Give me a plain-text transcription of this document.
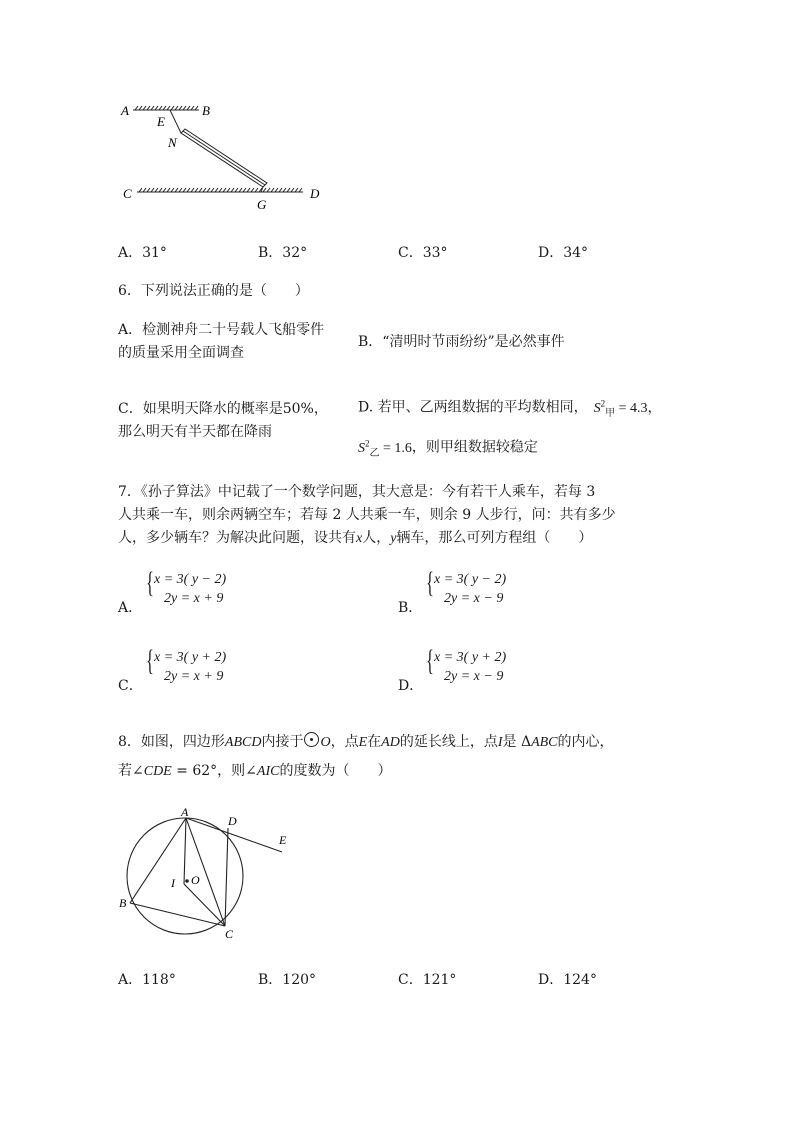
A	B
E
N
C
G
D
A．31°	B．32°	C．33°	D．34°
6．下列说法正确的是（　　）
A．检测神舟二十号载人飞船零件
的质量采用全面调查
B．“清明时节雨纷纷”是必然事件
C．如果明天降水的概率是50%，
那么明天有半天都在降雨
D. 若甲、乙两组数据的平均数相同， $S^2_甲 = 4.3$，
$S^2_乙 = 1.6$，则甲组数据较稳定
7．《孙子算法》中记载了一个数学问题，其大意是：今有若干人乘车，若每 3
人共乘一车，则余两辆空车；若每 2 人共乘一车，则余 9 人步行，问：共有多少
人，多少辆车？为解决此问题，设共有x人，y辆车，那么可列方程组（　　）
A．
{ x = 3( y − 2)
2y = x + 9
B．
{ x = 3( y − 2)
2y = x − 9
C．
{ x = 3( y + 2)
2y = x + 9
D．
{ x = 3( y + 2)
2y = x − 9
8．如图，四边形ABCD内接于 O，点E在AD的延长线上，点I是 ΔABC的内心，
若∠CDE = 62°，则∠AIC的度数为（　　）
A
D
E
I O
B
C
A．118°	B．120°	C．121°	D．124°
